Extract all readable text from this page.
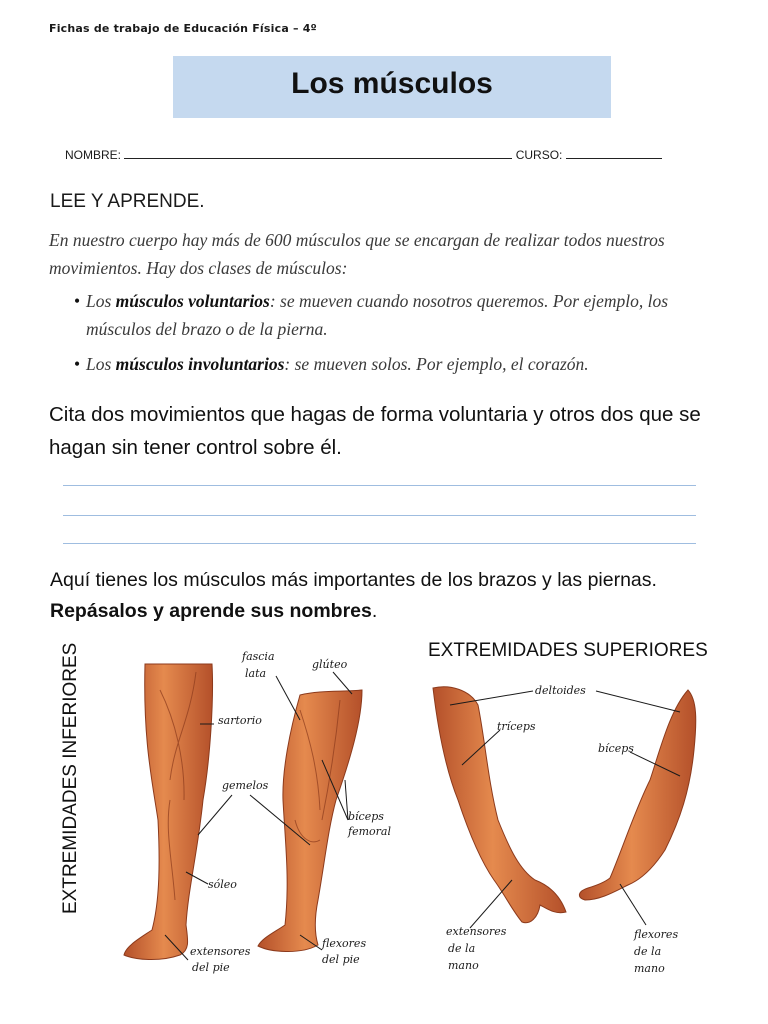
Fichas de trabajo de Educación Física – 4º
Los músculos
NOMBRE:	CURSO:
LEE Y APRENDE.
En nuestro cuerpo hay más de 600 músculos que se encargan de realizar todos nuestros movimientos. Hay dos clases de músculos:
• Los músculos voluntarios: se mueven cuando nosotros queremos. Por ejemplo, los músculos del brazo o de la pierna.
• Los músculos involuntarios: se mueven solos. Por ejemplo, el corazón.
Cita dos movimientos que hagas de forma voluntaria y otros dos que se hagan sin tener control sobre él.
Aquí tienes los músculos más importantes de los brazos y las piernas.
Repásalos y aprende sus nombres.
EXTREMIDADES SUPERIORES
EXTREMIDADES INFERIORES	fascia
lata
glúteo
sartorio
gemelos
bíceps
femoral
sóleo
extensores
del pie
flexores
del pie
deltoides
tríceps
bíceps
extensores
de la
mano
flexores
de la
mano
